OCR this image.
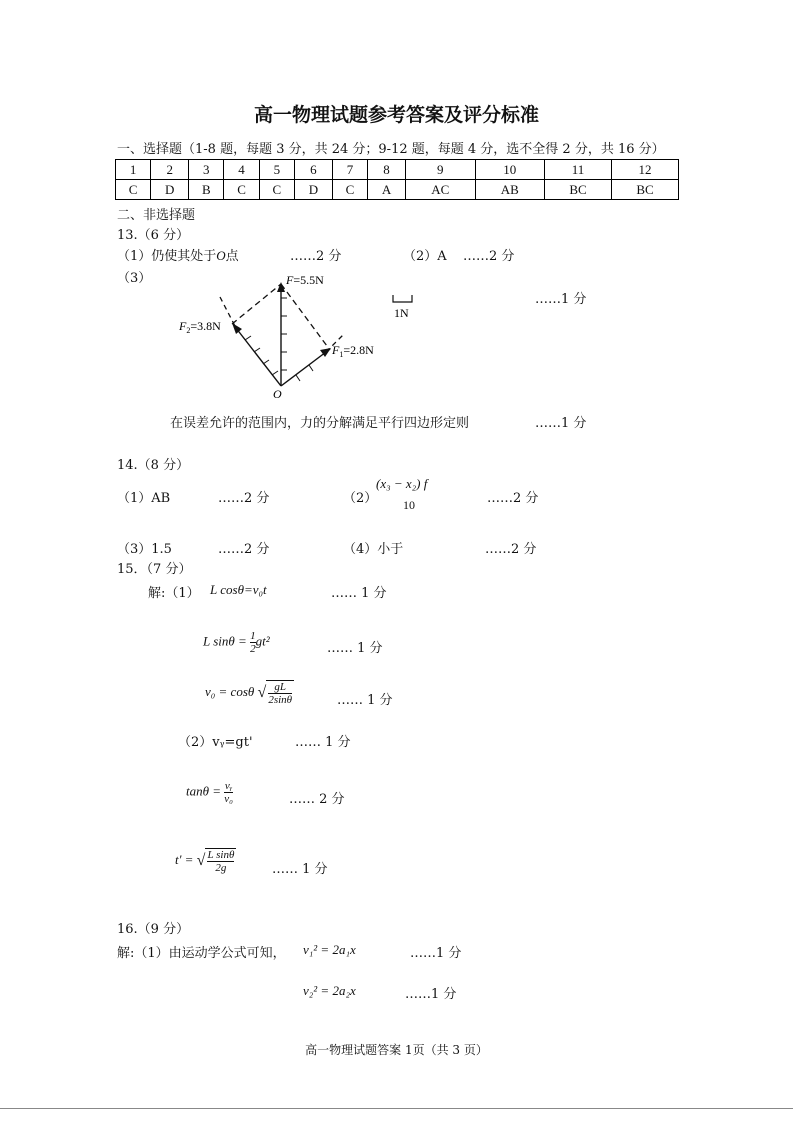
高一物理试题参考答案及评分标准
一、选择题（1-8 题，每题 3 分，共 24 分；9-12 题，每题 4 分，选不全得 2 分，共 16 分）
1	2	3	4	5	6	7	8	9	10	11	12
C	D	B	C	C	D	C	A	AC	AB	BC	BC
二、非选择题
13.（6 分）
（1）仍使其处于O点	……2 分	（2）A ……2 分
（3）
……1 分
F=5.5N
$F_2=3.8N$
$F_1=2.8N$
O
1N
在误差允许的范围内，力的分解满足平行四边形定则	……1 分
14.（8 分）
（1）AB	……2 分	（2）
(x₃ − x₂) f
10	……2 分
（3）1.5	……2 分	（4）小于	……2 分
15．（7 分）
解:（1） L cosθ=v₀t	…… 1 分
L $\sin\theta = \frac{1}{2} gt^2$
…… 1 分
v₀ = cosθ √ $\frac{gL}{2\sin\theta}$	…… 1 分
（2）vᵧ=gt'	…… 1 分
$\tan\theta = \frac{\text{vᵧ}}{\text{v₀}}$	…… 2 分
t' = √ $\frac{\text{L sinθ}}{2g}$	…… 1 分
16.（9 分）
解:（1）由运动学公式可知， v₁² = 2a₁x	……1 分
v₂² = 2a₂x	……1 分
高一物理试题答案 1页（共 3 页）
